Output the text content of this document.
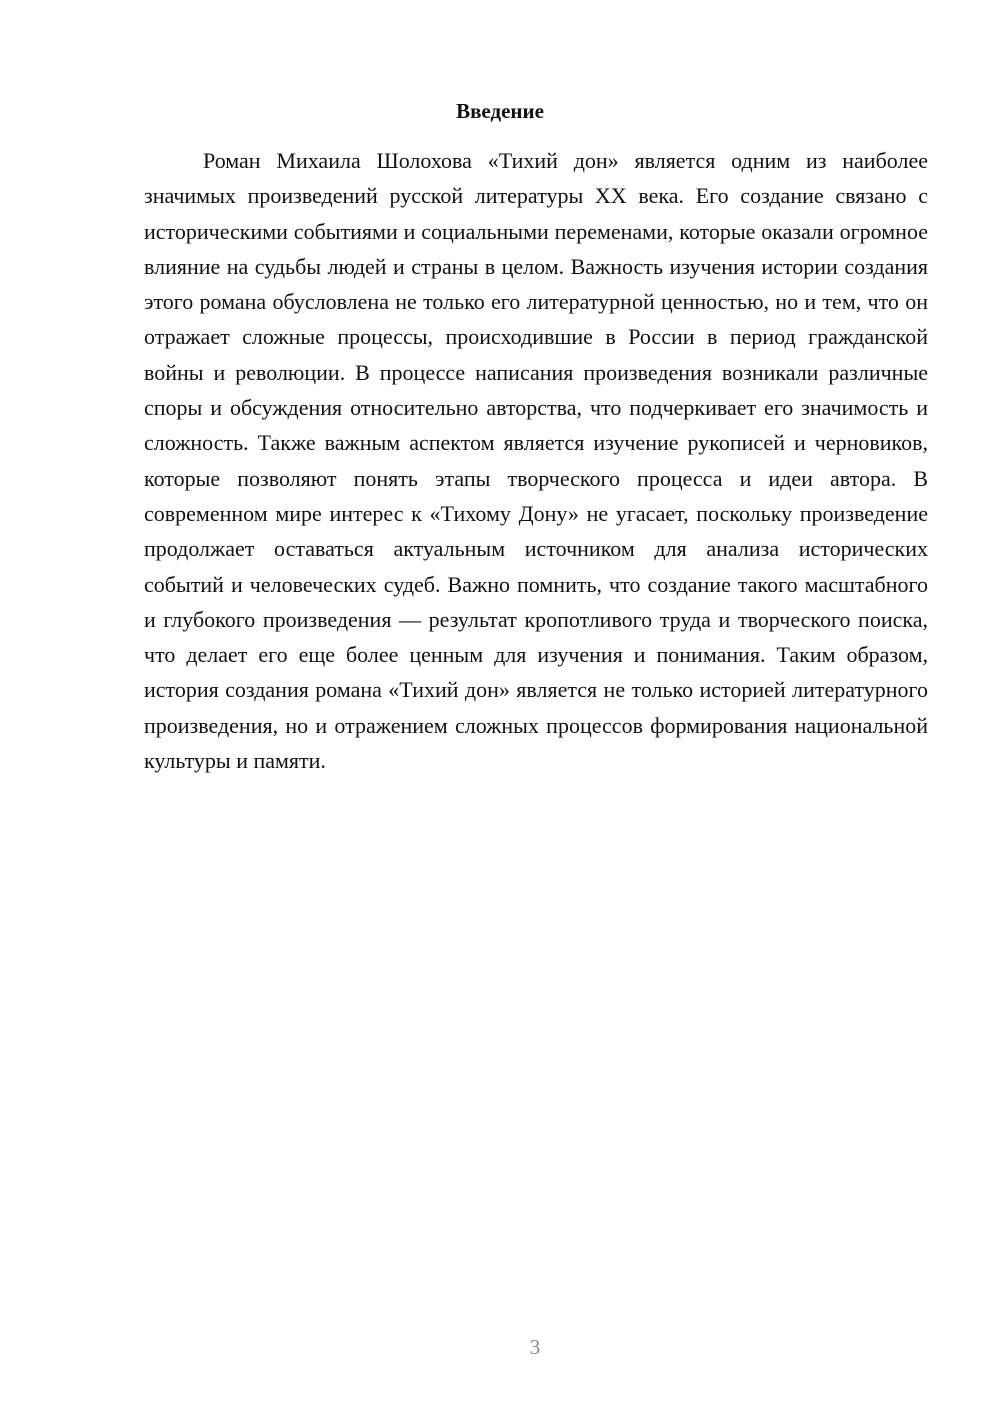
Введение

Роман Михаила Шолохова «Тихий дон» является одним из наиболее значимых произведений русской литературы XX века. Его создание связано с историческими событиями и социальными переменами, которые оказали огромное влияние на судьбы людей и страны в целом. Важность изучения истории создания этого романа обусловлена не только его литературной ценностью, но и тем, что он отражает сложные процессы, происходившие в России в период гражданской войны и революции. В процессе написания произведения возникали различные споры и обсуждения относительно авторства, что подчеркивает его значимость и сложность. Также важным аспектом является изучение рукописей и черновиков, которые позволяют понять этапы творческого процесса и идеи автора. В современном мире интерес к «Тихому Дону» не угасает, поскольку произведение продолжает оставаться актуальным источником для анализа исторических событий и человеческих судеб. Важно помнить, что создание такого масштабного и глубокого произведения — результат кропотливого труда и творческого поиска, что делает его еще более ценным для изучения и понимания. Таким образом, история создания романа «Тихий дон» является не только историей литературного произведения, но и отражением сложных процессов формирования национальной культуры и памяти.

3
